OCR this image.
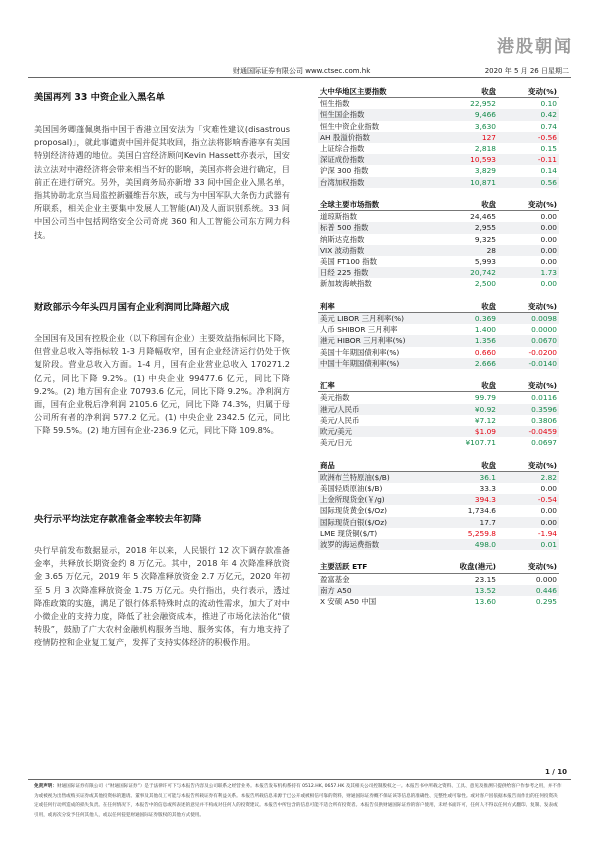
港股朝闻
财通国际证券有限公司 www.ctsec.com.hk	2020 年 5 月 26 日星期二

美国再列 33 中资企业入黑名单

美国国务卿蓬佩奥指中国于香港立国安法为「灾难性建议(disastrous proposal)」，就此事谴责中国并促其收回，指立法将影响香港享有美国特别经济待遇的地位。美国白宫经济顾问Kevin Hassett亦表示，国安法立法对中港经济将会带来相当不好的影响，美国亦将会进行确定，目前正在进行研究。另外，美国商务局亦新增 33 间中国企业入黑名单，指其协助北京当局监控新疆维吾尔族，或与为中国军队大条伤力武器有所联系，相关企业主要集中发展人工智能(AI)及人面识别系统。33 间中国公司当中包括网络安全公司奇虎 360 和人工智能公司东方网力科技。

财政部示今年头四月国有企业利润同比降超六成

全国国有及国有控股企业（以下称国有企业）主要效益指标同比下降，但营业总收入等指标较 1-3 月降幅收窄，国有企业经济运行仍处于恢复阶段。营业总收入方面。1-4 月，国有企业营业总收入 170271.2 亿元，同比下降 9.2%。(1) 中央企业 99477.6 亿元，同比下降 9.2%。(2) 地方国有企业 70793.6 亿元，同比下降 9.2%。净利润方面，国有企业税后净利润 2105.6 亿元，同比下降 74.3%，归属于母公司所有者的净利润 577.2 亿元。(1) 中央企业 2342.5 亿元，同比下降 59.5%。(2) 地方国有企业-236.9 亿元，同比下降 109.8%。

央行示平均法定存款准备金率较去年初降

央行早前发布数据显示，2018 年以来，人民银行 12 次下调存款准备金率，共释放长期资金约 8 万亿元。其中，2018 年 4 次降准释放资金 3.65 万亿元，2019 年 5 次降准释放资金 2.7 万亿元，2020 年初至 5 月 3 次降准释放资金 1.75 万亿元。央行指出，央行表示，透过降准政策的实施，满足了银行体系特殊时点的流动性需求，加大了对中小微企业的支持力度，降低了社会融资成本，推进了市场化法治化“债转股”，鼓励了广大农村金融机构服务当地、服务实体，有力地支持了疫情防控和企业复工复产，发挥了支持实体经济的积极作用。

大中华地区主要指数	收盘	变动(%)
恒生指数	22,952	0.10
恒生国企指数	9,466	0.42
恒生中资企业指数	3,630	0.74
AH 股溢价指数	127	-0.56
上证综合指数	2,818	0.15
深证成份指数	10,593	-0.11
沪深 300 指数	3,829	0.14
台湾加权指数	10,871	0.56

全球主要市场指数	收盘	变动(%)
道琼斯指数	24,465	0.00
标普 500 指数	2,955	0.00
纳斯达克指数	9,325	0.00
VIX 波动指数	28	0.00
美国 FT100 指数	5,993	0.00
日经 225 指数	20,742	1.73
新加坡海峡指数	2,500	0.00

利率	收盘	变动(%)
美元 LIBOR 三月利率(%)	0.369	0.0098
人币 SHIBOR 三月利率	1.400	0.0000
港元 HIBOR 三月利率(%)	1.356	0.0670
美国十年期国债利率(%)	0.660	-0.0200
中国十年期国债利率(%)	2.666	-0.0140

汇率	收盘	变动(%)
美元指数	99.79	0.0116
港元/人民币	¥0.92	0.3596
美元/人民币	¥7.12	0.3806
欧元/美元	$1.09	-0.0459
美元/日元	¥107.71	0.0697

商品	收盘	变动(%)
欧洲布兰特原油($/B)	36.1	2.82
美国轻质原油($/B)	33.3	0.00
上金所现货金(￥/g)	394.3	-0.54
国际现货黄金($/Oz)	1,734.6	0.00
国际现货白银($/Oz)	17.7	0.00
LME 现货铜($/T)	5,259.8	-1.94
波罗的海运费指数	498.0	0.01

主要活跃 ETF	收盘(港元)	变动(%)
盈富基金	23.15	0.000
南方 A50	13.52	0.446
X 安硕 A50 中国	13.60	0.295
1 / 10
免责声明：财通国际证券有限公司（“财通国际证券”）是于法律许可下与本报告内容及公司联系之经营业务。本报告发布机构系持有 0512.HK, 0657.HK 及其相关公司控制股权之一。本报告书中所载之资料、工具、意见及推测只提供给客户作参考之用，并不作为或被视为出售或购买证券或其他投资标的邀请。董事及其他员工可能与本报告所载证券有利益关系。本报告所载信息来源于已公开或被相信可靠的资料，财通国际证券概不保证该等信息的准确性、完整性或可靠性。或对客户因依据本报告而作出的任何投资决定或任何行动所造成的损失负责。在任何情况下，本报告中的信息或所表述的意见并不构成对任何人的投资建议。本报告中所包含的信息可能不适合所有投资者。本报告仅供财通国际证券的客户使用，未经书面许可，任何人不得以任何方式翻印、复制、发表或引用，或再次分发予任何其他人，或以任何侵犯财通国际证券版权的其他方式使用。
